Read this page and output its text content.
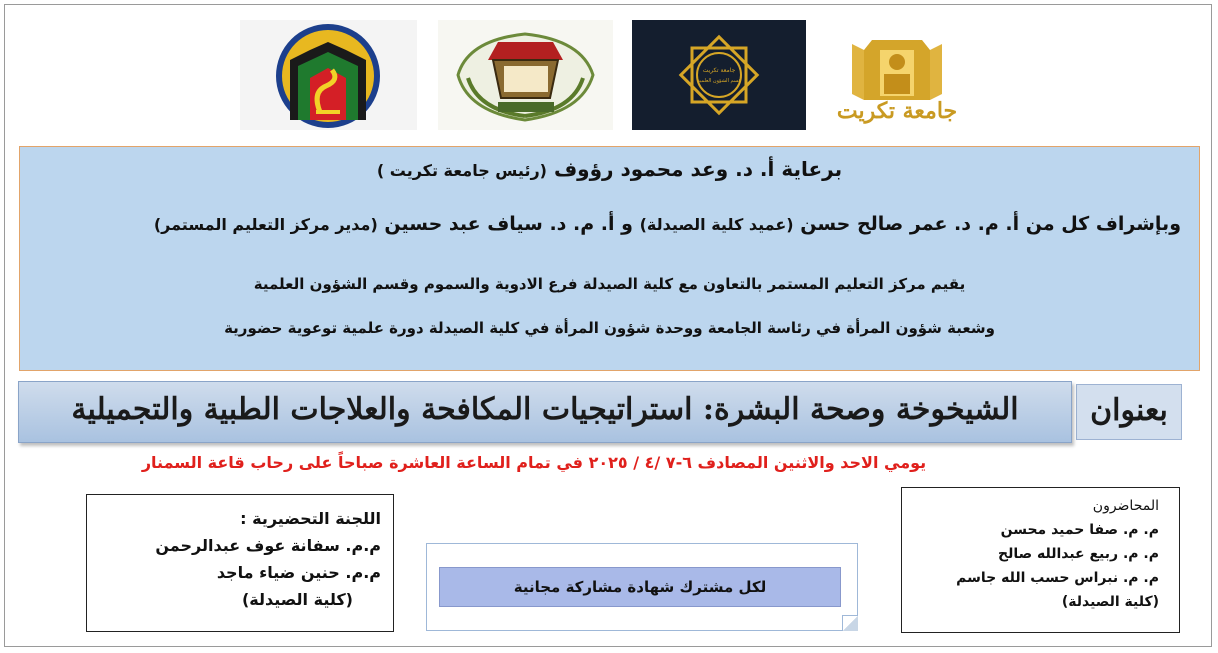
جامعة تكريت
قسم الشؤون العلمية
جامعة تكريت
برعاية أ. د. وعد محمود رؤوف (رئيس جامعة تكريت )
وبإشراف كل من أ. م. د. عمر صالح حسن (عميد كلية الصيدلة) و أ. م. د. سياف عبد حسين (مدير مركز التعليم المستمر)
يقيم مركز التعليم المستمر بالتعاون مع كلية الصيدلة فرع الادوية والسموم وقسم الشؤون العلمية
وشعبة شؤون المرأة في رئاسة الجامعة ووحدة شؤون المرأة في كلية الصيدلة دورة علمية توعوية حضورية
بعنوان
الشيخوخة وصحة البشرة: استراتيجيات المكافحة والعلاجات الطبية والتجميلية
يومي الاحد والاثنين المصادف ٦-٧ /٤ / ٢٠٢٥ في تمام الساعة العاشرة صباحاً على رحاب قاعة السمنار
اللجنة التحضيرية :
م.م. سفانة عوف عبدالرحمن
م.م. حنين ضياء ماجد
(كلية الصيدلة)
لكل مشترك شهادة مشاركة مجانية
المحاضرون
م. م. صفا حميد محسن
م. م. ربيع عبدالله صالح
م. م. نبراس حسب الله جاسم
(كلية الصيدلة)
